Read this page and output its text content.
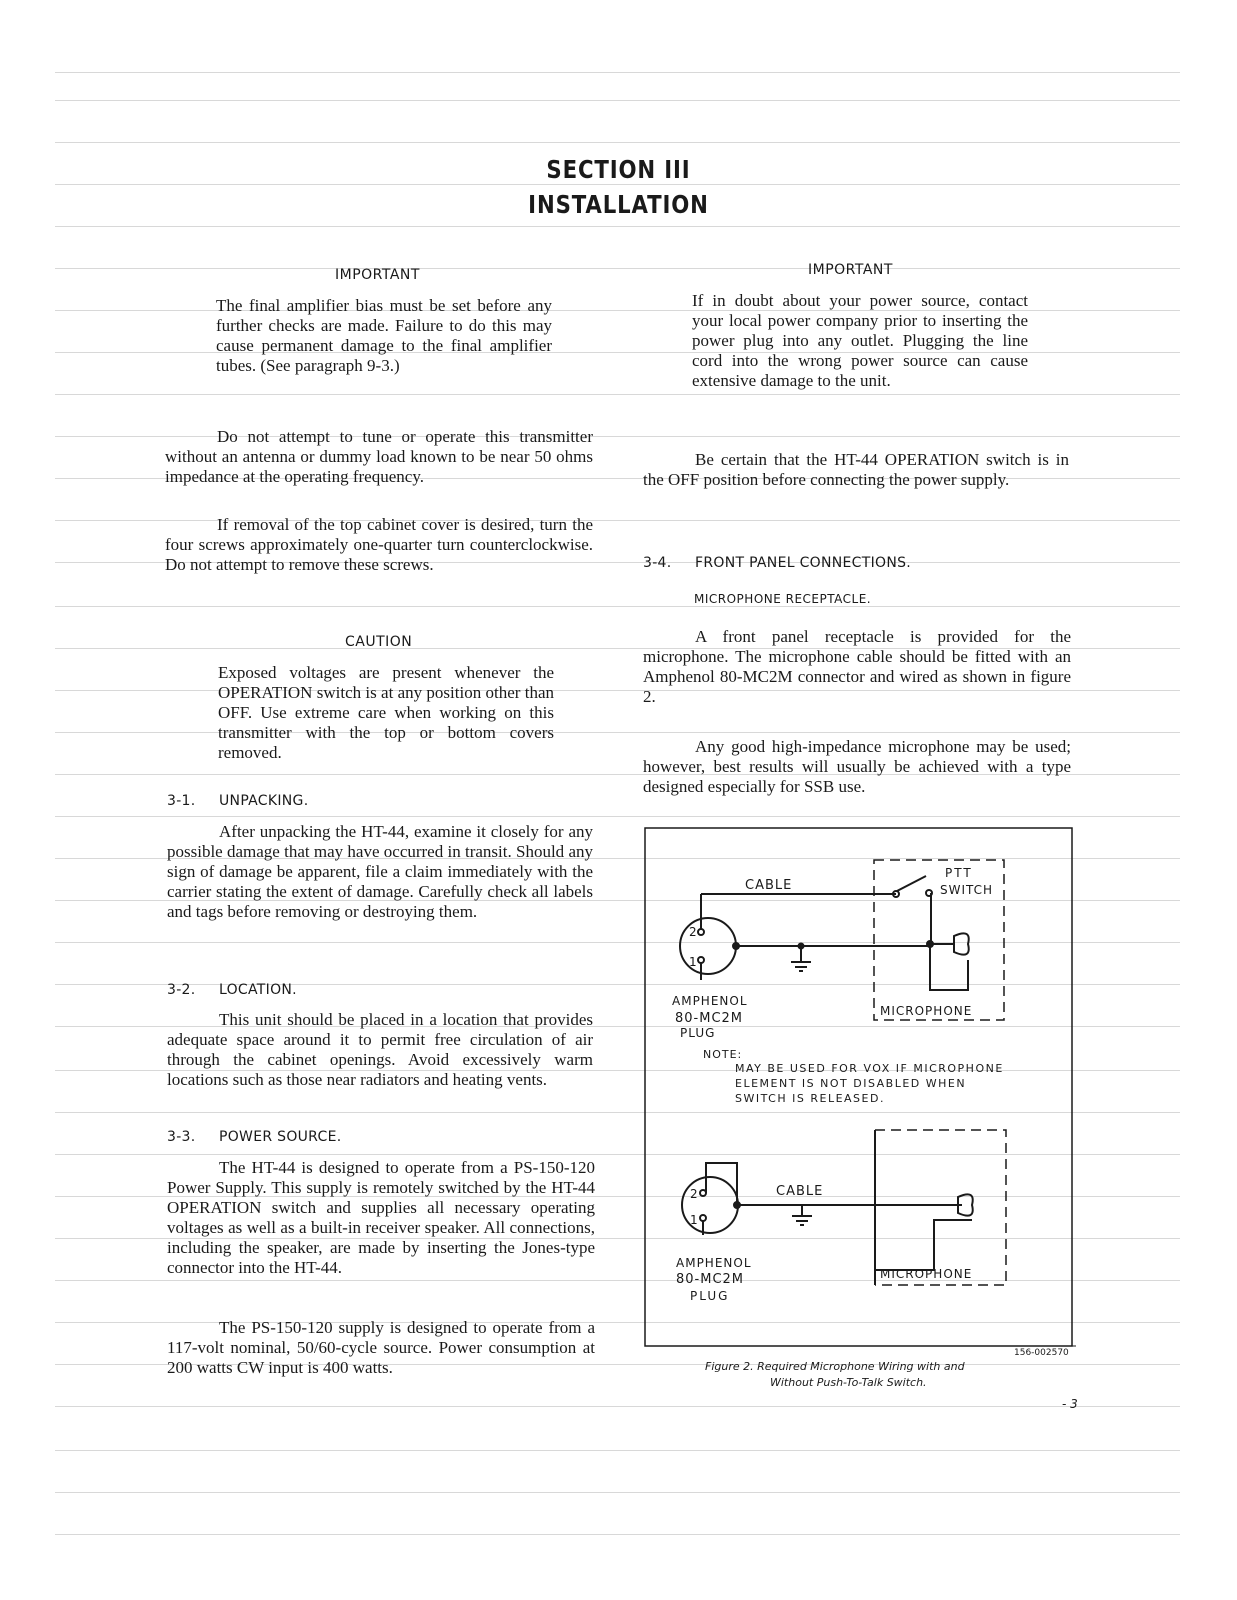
SECTION III
INSTALLATION
IMPORTANT

The final amplifier bias must be set before any further checks are made. Failure to do this may cause permanent damage to the final amplifier tubes. (See paragraph 9-3.)

Do not attempt to tune or operate this transmitter without an antenna or dummy load known to be near 50 ohms impedance at the operating frequency.

If removal of the top cabinet cover is desired, turn the four screws approximately one-quarter turn counterclockwise. Do not attempt to remove these screws.

CAUTION

Exposed voltages are present whenever the OPERATION switch is at any position other than OFF. Use extreme care when working on this transmitter with the top or bottom covers removed.

3-1. UNPACKING.

After unpacking the HT-44, examine it closely for any possible damage that may have occurred in transit. Should any sign of damage be apparent, file a claim immediately with the carrier stating the extent of damage. Carefully check all labels and tags before removing or destroying them.

3-2. LOCATION.

This unit should be placed in a location that provides adequate space around it to permit free circulation of air through the cabinet openings. Avoid excessively warm locations such as those near radiators and heating vents.

3-3. POWER SOURCE.

The HT-44 is designed to operate from a PS-150-120 Power Supply. This supply is remotely switched by the HT-44 OPERATION switch and supplies all necessary operating voltages as well as a built-in receiver speaker. All connections, including the speaker, are made by inserting the Jones-type connector into the HT-44.

The PS-150-120 supply is designed to operate from a 117-volt nominal, 50/60-cycle source. Power consumption at 200 watts CW input is 400 watts.

IMPORTANT

If in doubt about your power source, contact your local power company prior to inserting the power plug into any outlet. Plugging the line cord into the wrong power source can cause extensive damage to the unit.

Be certain that the HT-44 OPERATION switch is in the OFF position before connecting the power supply.

3-4. FRONT PANEL CONNECTIONS.
MICROPHONE RECEPTACLE.

A front panel receptacle is provided for the microphone. The microphone cable should be fitted with an Amphenol 80-MC2M connector and wired as shown in figure 2.

Any good high-impedance microphone may be used; however, best results will usually be achieved with a type designed especially for SSB use.

CABLE
PTT
SWITCH
2
1
AMPHENOL
80-MC2M
PLUG
MICROPHONE
NOTE:
MAY BE USED FOR VOX IF MICROPHONE
ELEMENT IS NOT DISABLED WHEN
SWITCH IS RELEASED.
CABLE
2
1
AMPHENOL
80-MC2M
PLUG
MICROPHONE
156-002570
Figure 2. Required Microphone Wiring with and
Without Push-To-Talk Switch.
- 3
